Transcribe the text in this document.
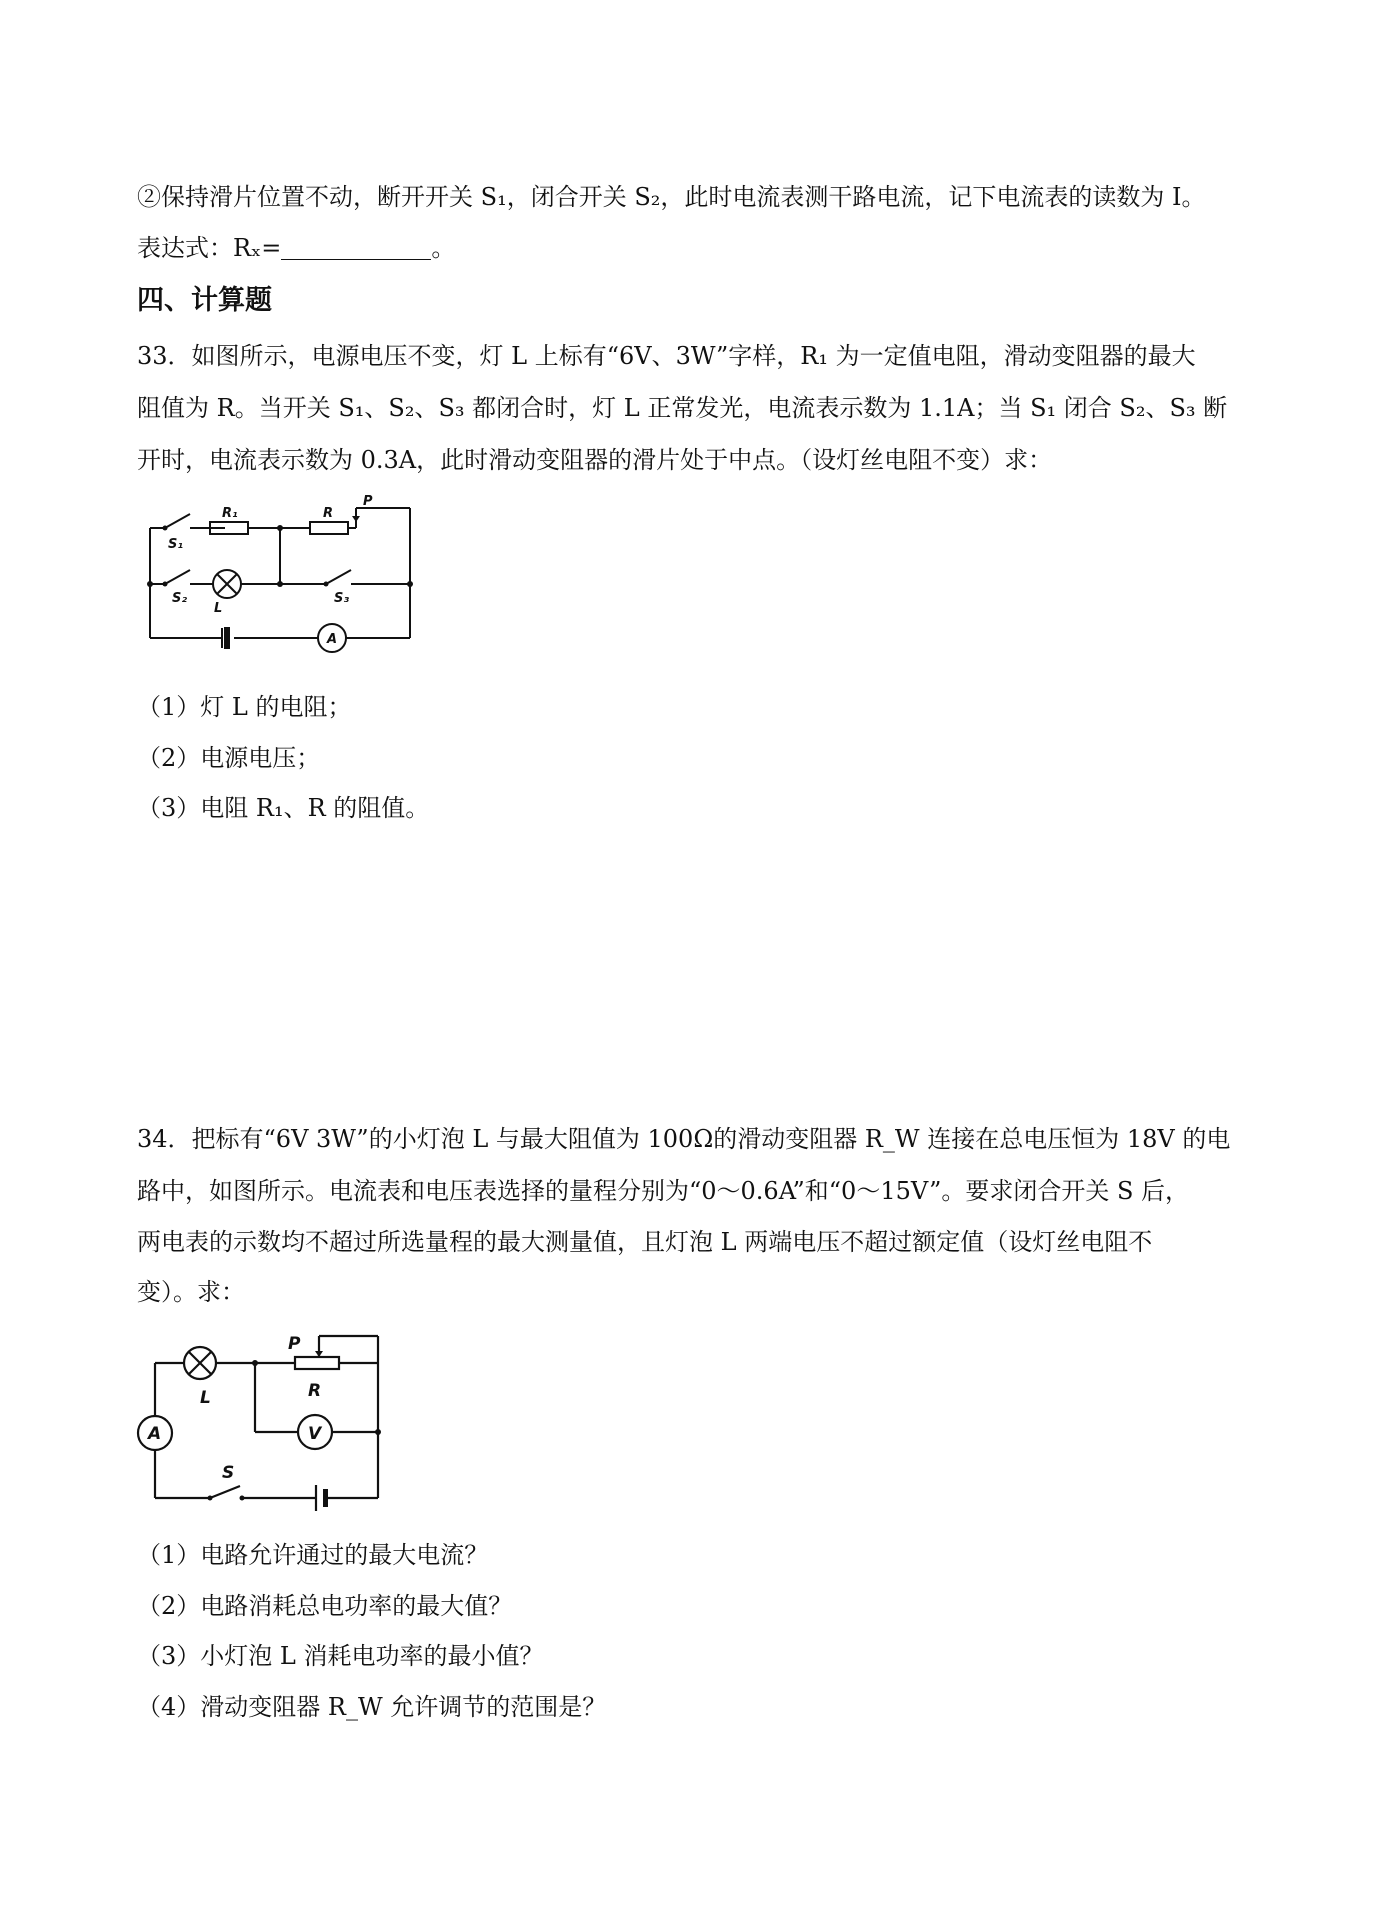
②保持滑片位置不动，断开开关 S₁，闭合开关 S₂，此时电流表测干路电流，记下电流表的读数为 I。
表达式：Rₓ=	。
四、计算题
33．如图所示，电源电压不变，灯 L 上标有“6V、3W”字样，R₁ 为一定值电阻，滑动变阻器的最大
阻值为 R。当开关 S₁、S₂、S₃ 都闭合时，灯 L 正常发光，电流表示数为 1.1A；当 S₁ 闭合 S₂、S₃ 断
开时，电流表示数为 0.3A，此时滑动变阻器的滑片处于中点。（设灯丝电阻不变）求：
R₁	R
P
S₁
S₂	S₃
L
A
（1）灯 L 的电阻；
（2）电源电压；
（3）电阻 R₁、R 的阻值。
34．把标有“6V 3W”的小灯泡 L 与最大阻值为 100Ω的滑动变阻器 R_W 连接在总电压恒为 18V 的电
路中，如图所示。电流表和电压表选择的量程分别为“0～0.6A”和“0～15V”。要求闭合开关 S 后，
两电表的示数均不超过所选量程的最大测量值，且灯泡 L 两端电压不超过额定值（设灯丝电阻不
变）。求：
P
R
L
A	V
S
（1）电路允许通过的最大电流？
（2）电路消耗总电功率的最大值？
（3）小灯泡 L 消耗电功率的最小值？
（4）滑动变阻器 R_W 允许调节的范围是？
